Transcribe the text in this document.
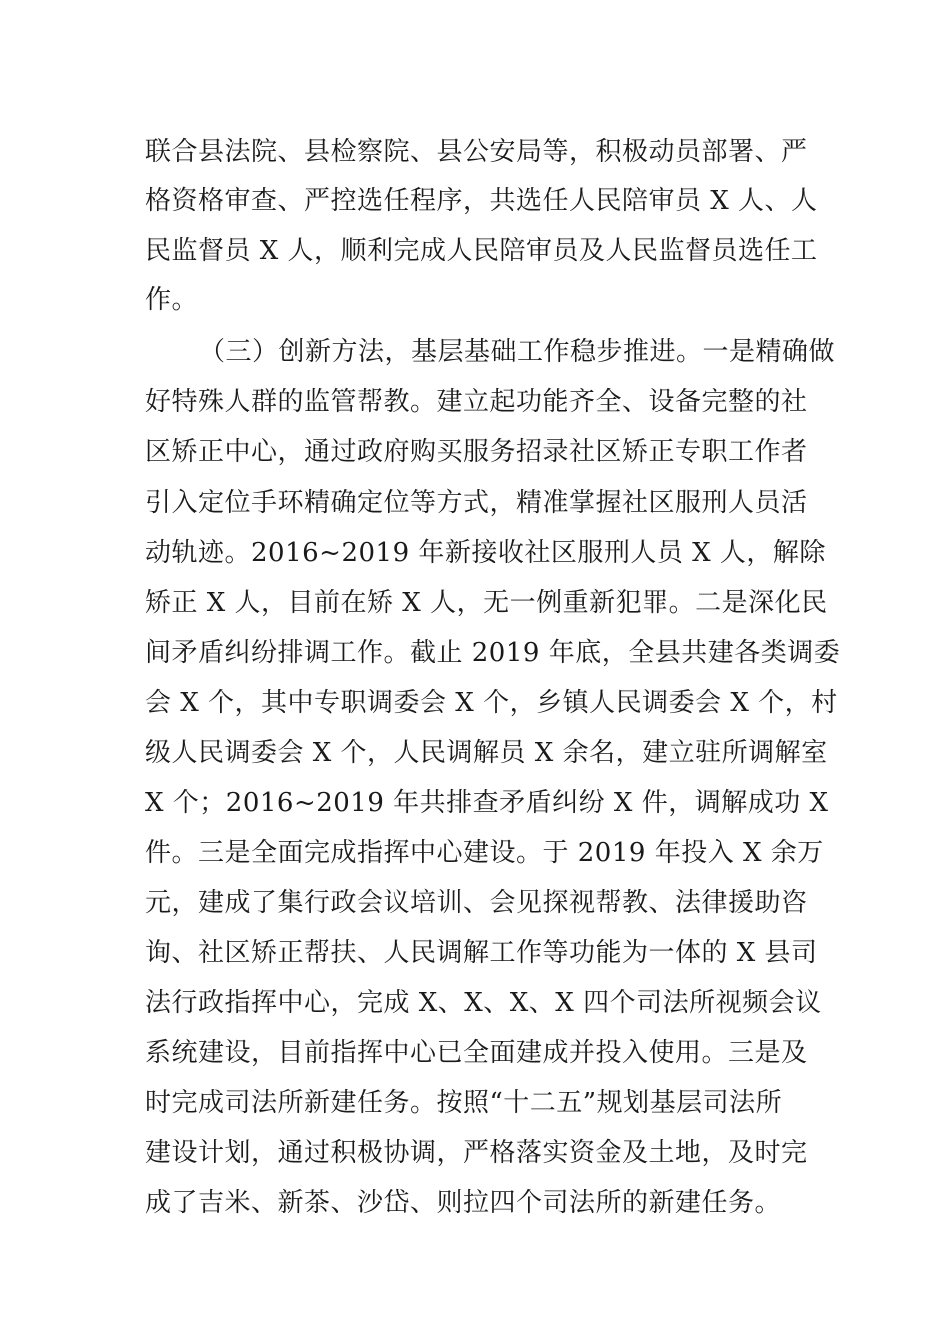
联合县法院、县检察院、县公安局等，积极动员部署、严
格资格审查、严控选任程序，共选任人民陪审员 X 人、人
民监督员 X 人，顺利完成人民陪审员及人民监督员选任工
作。
（三）创新方法，基层基础工作稳步推进。一是精确做
好特殊人群的监管帮教。建立起功能齐全、设备完整的社
区矫正中心，通过政府购买服务招录社区矫正专职工作者
引入定位手环精确定位等方式，精准掌握社区服刑人员活
动轨迹。2016~2019 年新接收社区服刑人员 X 人，解除
矫正 X 人，目前在矫 X 人，无一例重新犯罪。二是深化民
间矛盾纠纷排调工作。截止 2019 年底，全县共建各类调委
会 X 个，其中专职调委会 X 个，乡镇人民调委会 X 个，村
级人民调委会 X 个，人民调解员 X 余名，建立驻所调解室
X 个；2016~2019 年共排查矛盾纠纷 X 件，调解成功 X
件。三是全面完成指挥中心建设。于 2019 年投入 X 余万
元，建成了集行政会议培训、会见探视帮教、法律援助咨
询、社区矫正帮扶、人民调解工作等功能为一体的 X 县司
法行政指挥中心，完成 X、X、X、X 四个司法所视频会议
系统建设，目前指挥中心已全面建成并投入使用。三是及
时完成司法所新建任务。按照“十二五”规划基层司法所
建设计划，通过积极协调，严格落实资金及土地，及时完
成了吉米、新茶、沙岱、则拉四个司法所的新建任务。
